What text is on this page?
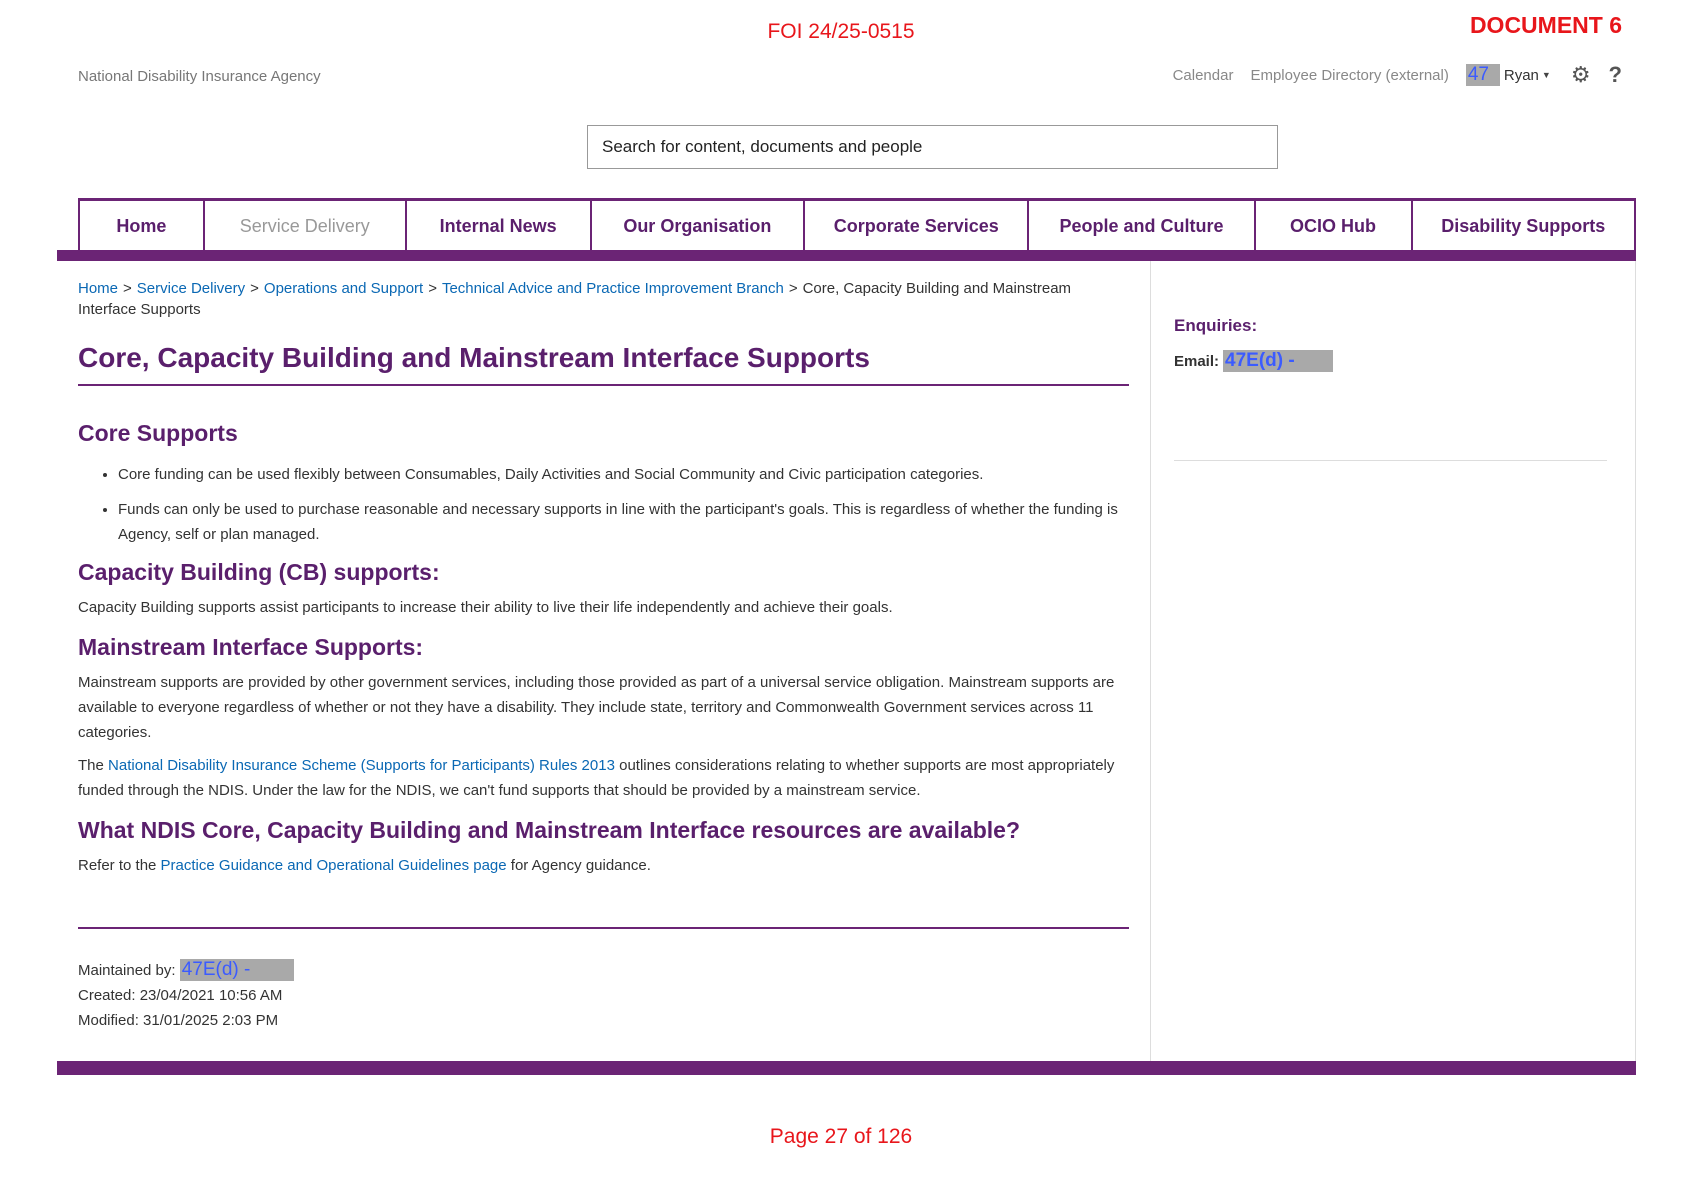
FOI 24/25-0515	DOCUMENT 6
National Disability Insurance Agency	Calendar Employee Directory (external) 47 Ryan ▼ ⚙ ?
Search for content, documents and people
Home	Service Delivery	Internal News	Our Organisation	Corporate Services	People and Culture	OCIO Hub	Disability Supports
Home > Service Delivery > Operations and Support > Technical Advice and Practice Improvement Branch > Core, Capacity Building and Mainstream Interface Supports
Core, Capacity Building and Mainstream Interface Supports
Core Supports
• Core funding can be used flexibly between Consumables, Daily Activities and Social Community and Civic participation categories.
• Funds can only be used to purchase reasonable and necessary supports in line with the participant's goals. This is regardless of whether the funding is Agency, self or plan managed.
Capacity Building (CB) supports:

Capacity Building supports assist participants to increase their ability to live their life independently and achieve their goals.

Mainstream Interface Supports:

Mainstream supports are provided by other government services, including those provided as part of a universal service obligation. Mainstream supports are available to everyone regardless of whether or not they have a disability. They include state, territory and Commonwealth Government services across 11 categories.

The National Disability Insurance Scheme (Supports for Participants) Rules 2013 outlines considerations relating to whether supports are most appropriately funded through the NDIS. Under the law for the NDIS, we can't fund supports that should be provided by a mainstream service.

What NDIS Core, Capacity Building and Mainstream Interface resources are available?

Refer to the Practice Guidance and Operational Guidelines page for Agency guidance.

Maintained by: 47E(d) -
Created: 23/04/2021 10:56 AM
Modified: 31/01/2025 2:03 PM
Enquiries:
Email: 47E(d) -
Page 27 of 126
